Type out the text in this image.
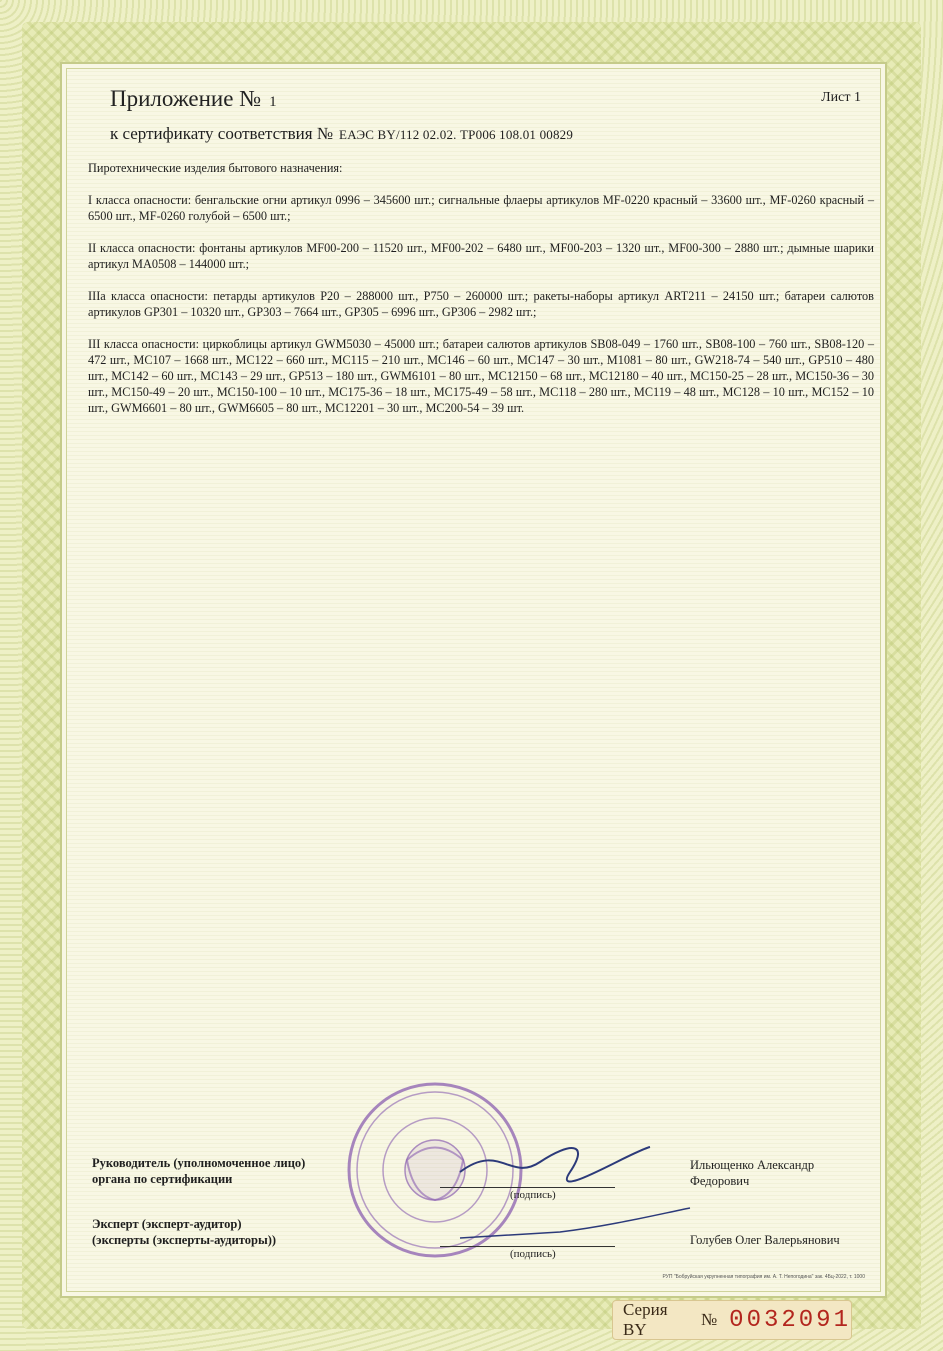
Приложение № 1	Лист 1
к сертификату соответствия № ЕАЭС BY/112 02.02. ТР006 108.01 00829

Пиротехнические изделия бытового назначения:

I класса опасности: бенгальские огни артикул 0996 – 345600 шт.; сигнальные флаеры артикулов MF-0220 красный – 33600 шт., MF-0260 красный – 6500 шт., MF-0260 голубой – 6500 шт.;

II класса опасности: фонтаны артикулов MF00-200 – 11520 шт., MF00-202 – 6480 шт., MF00-203 – 1320 шт., MF00-300 – 2880 шт.; дымные шарики артикул MA0508 – 144000 шт.;

IIIa класса опасности: петарды артикулов P20 – 288000 шт., P750 – 260000 шт.; ракеты-наборы артикул ART211 – 24150 шт.; батареи салютов артикулов GP301 – 10320 шт., GP303 – 7664 шт., GP305 – 6996 шт., GP306 – 2982 шт.;

III класса опасности: циркоблицы артикул GWM5030 – 45000 шт.; батареи салютов артикулов SB08-049 – 1760 шт., SB08-100 – 760 шт., SB08-120 – 472 шт., MC107 – 1668 шт., MC122 – 660 шт., MC115 – 210 шт., MC146 – 60 шт., MC147 – 30 шт., M1081 – 80 шт., GW218-74 – 540 шт., GP510 – 480 шт., MC142 – 60 шт., MC143 – 29 шт., GP513 – 180 шт., GWM6101 – 80 шт., MC12150 – 68 шт., MC12180 – 40 шт., MC150-25 – 28 шт., MC150-36 – 30 шт., MC150-49 – 20 шт., MC150-100 – 10 шт., MC175-36 – 18 шт., MC175-49 – 58 шт., MC118 – 280 шт., MC119 – 48 шт., MC128 – 10 шт., MC152 – 10 шт., GWM6601 – 80 шт., GWM6605 – 80 шт., MC12201 – 30 шт., MC200-54 – 39 шт.

Руководитель (уполномоченное лицо)
органа по сертификации
(подпись)
Ильющенко Александр
Федорович
Эксперт (эксперт-аудитор)
(эксперты (эксперты-аудиторы))
(подпись)
Голубев Олег Валерьянович
РУП "Бобруйская укрупненная типография им. А. Т. Непогодина" зак. 4Бц-2022, т. 1000
Серия BY
№ 0032091
